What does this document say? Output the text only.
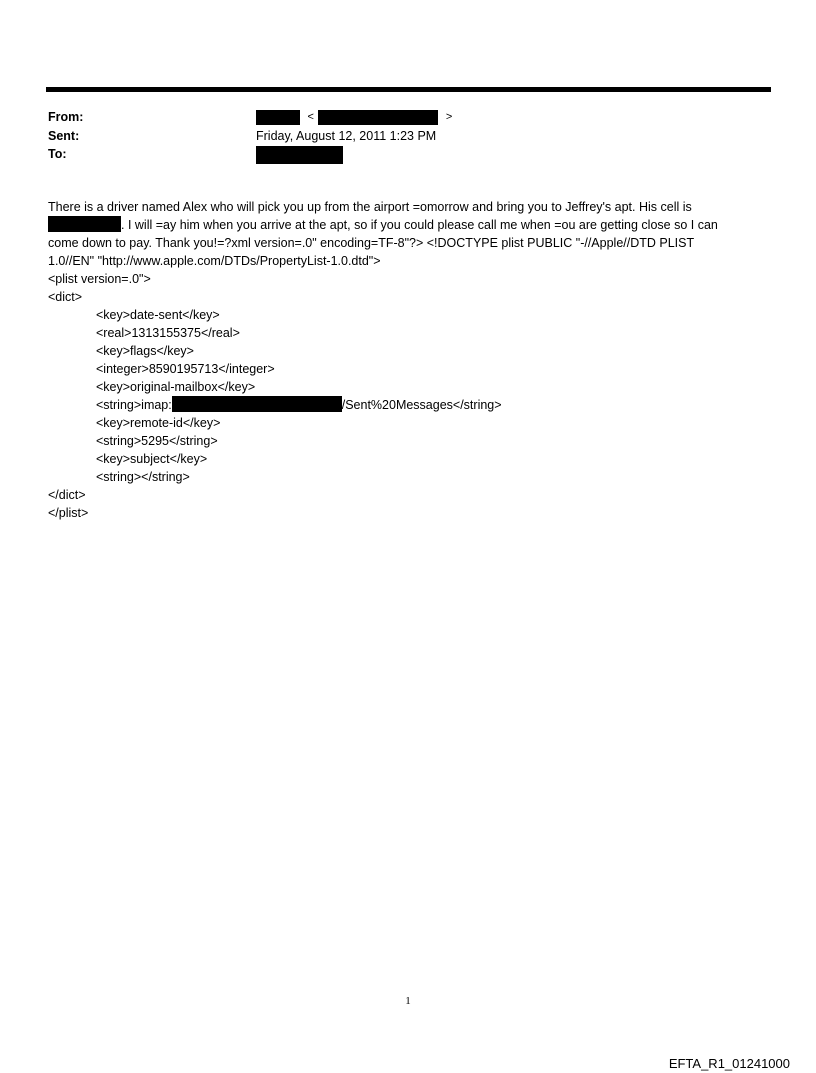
From:	<	>
Sent:	Friday, August 12, 2011 1:23 PM
To:

There is a driver named Alex who will pick you up from the airport =omorrow and bring you to Jeffrey's apt. His cell is

. I will =ay him when you arrive at the apt, so if you could please call me when =ou are getting close so I can

come down to pay. Thank you!=?xml version=.0" encoding=TF-8"?> <!DOCTYPE plist PUBLIC "-//Apple//DTD PLIST

1.0//EN" "http://www.apple.com/DTDs/PropertyList-1.0.dtd">

<plist version=.0">

<dict>

<key>date-sent</key>

<real>1313155375</real>

<key>flags</key>

<integer>8590195713</integer>

<key>original-mailbox</key>

<string>imap:	/Sent%20Messages</string>

<key>remote-id</key>

<string>5295</string>

<key>subject</key>

<string></string>

</dict>

</plist>

1
EFTA_R1_01241000
